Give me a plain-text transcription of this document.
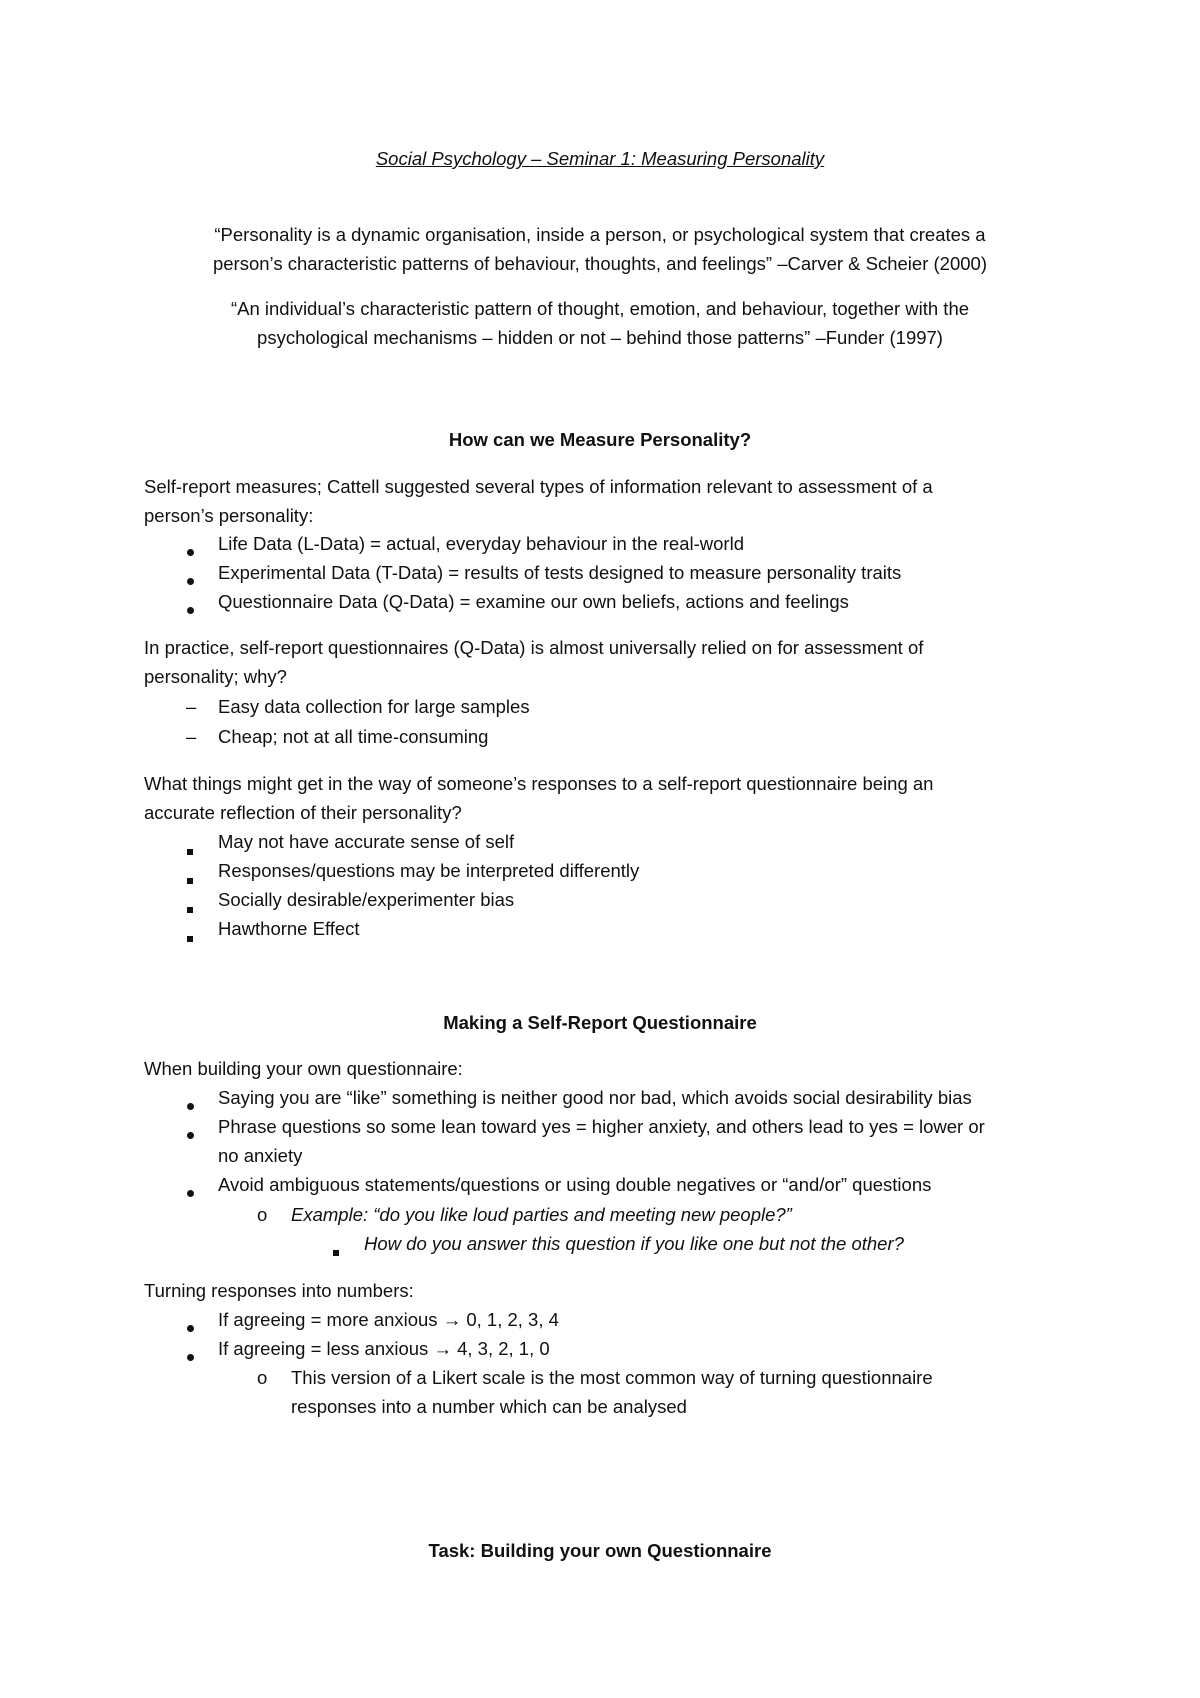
Social Psychology – Seminar 1: Measuring Personality
“Personality is a dynamic organisation, inside a person, or psychological system that creates a
person’s characteristic patterns of behaviour, thoughts, and feelings” –Carver & Scheier (2000)
“An individual’s characteristic pattern of thought, emotion, and behaviour, together with the
psychological mechanisms – hidden or not – behind those patterns” –Funder (1997)
How can we Measure Personality?
Self-report measures; Cattell suggested several types of information relevant to assessment of a
person’s personality:
Life Data (L-Data) = actual, everyday behaviour in the real-world
Experimental Data (T-Data) = results of tests designed to measure personality traits
Questionnaire Data (Q-Data) = examine our own beliefs, actions and feelings
In practice, self-report questionnaires (Q-Data) is almost universally relied on for assessment of
personality; why?
– Easy data collection for large samples
– Cheap; not at all time-consuming
What things might get in the way of someone’s responses to a self-report questionnaire being an
accurate reflection of their personality?
May not have accurate sense of self
Responses/questions may be interpreted differently
Socially desirable/experimenter bias
Hawthorne Effect
Making a Self-Report Questionnaire
When building your own questionnaire:
Saying you are “like” something is neither good nor bad, which avoids social desirability bias
Phrase questions so some lean toward yes = higher anxiety, and others lead to yes = lower or
no anxiety
Avoid ambiguous statements/questions or using double negatives or “and/or” questions
o Example: “do you like loud parties and meeting new people?”
How do you answer this question if you like one but not the other?
Turning responses into numbers:
If agreeing = more anxious → 0, 1, 2, 3, 4
If agreeing = less anxious → 4, 3, 2, 1, 0
o This version of a Likert scale is the most common way of turning questionnaire
responses into a number which can be analysed
Task: Building your own Questionnaire
